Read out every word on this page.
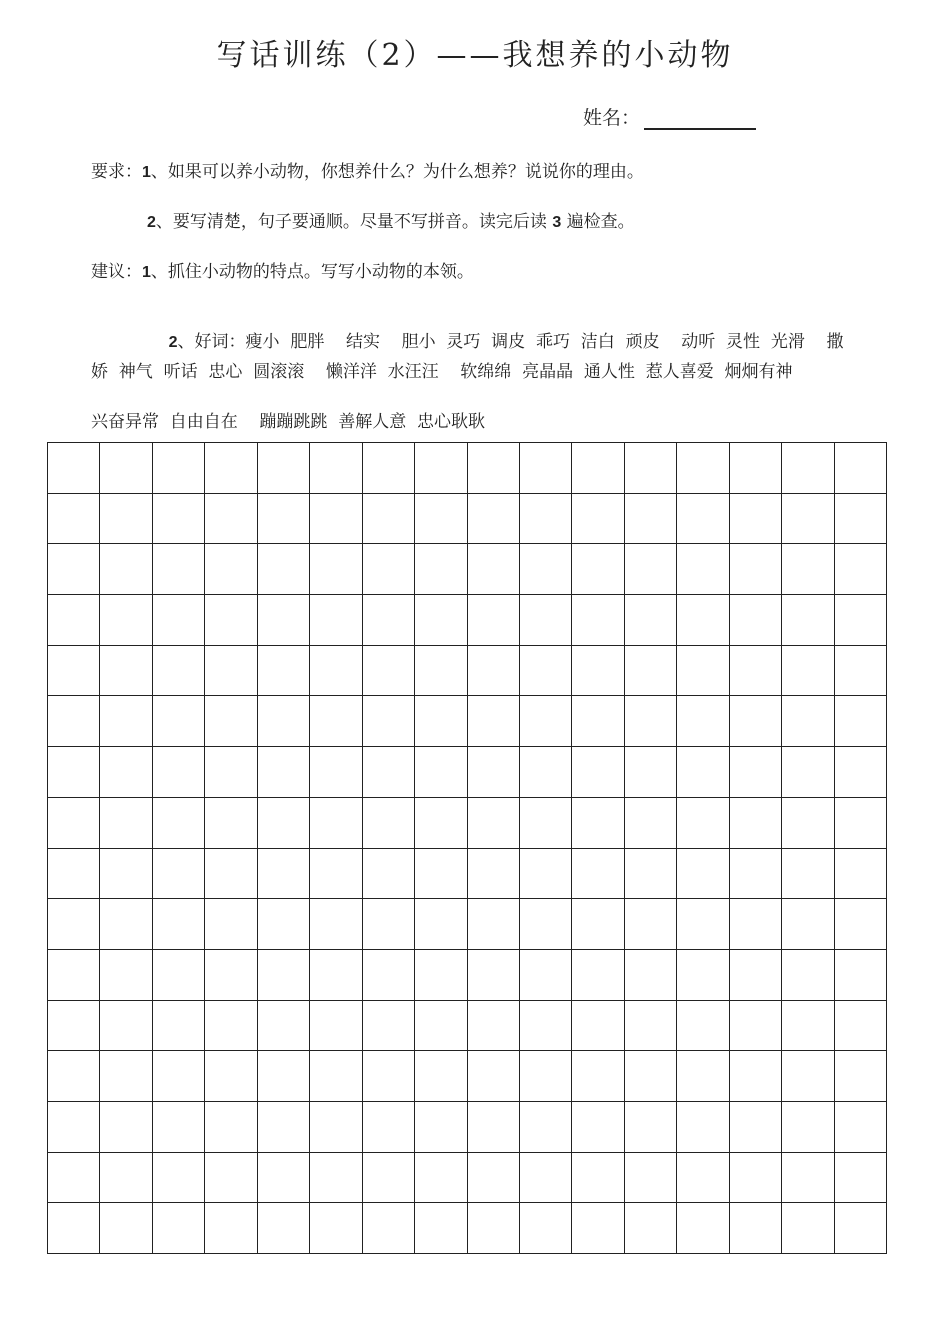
写话训练（2）——我想养的小动物
姓名：
要求：1、如果可以养小动物，你想养什么？为什么想养？说说你的理由。
2、要写清楚，句子要通顺。尽量不写拼音。读完后读 3 遍检查。
建议：1、抓住小动物的特点。写写小动物的本领。

2、好词：瘦小  肥胖    结实    胆小  灵巧  调皮  乖巧  洁白  顽皮    动听  灵性  光滑    撒

娇  神气  听话  忠心  圆滚滚    懒洋洋  水汪汪    软绵绵  亮晶晶  通人性  惹人喜爱  炯炯有神
兴奋异常  自由自在    蹦蹦跳跳  善解人意  忠心耿耿
